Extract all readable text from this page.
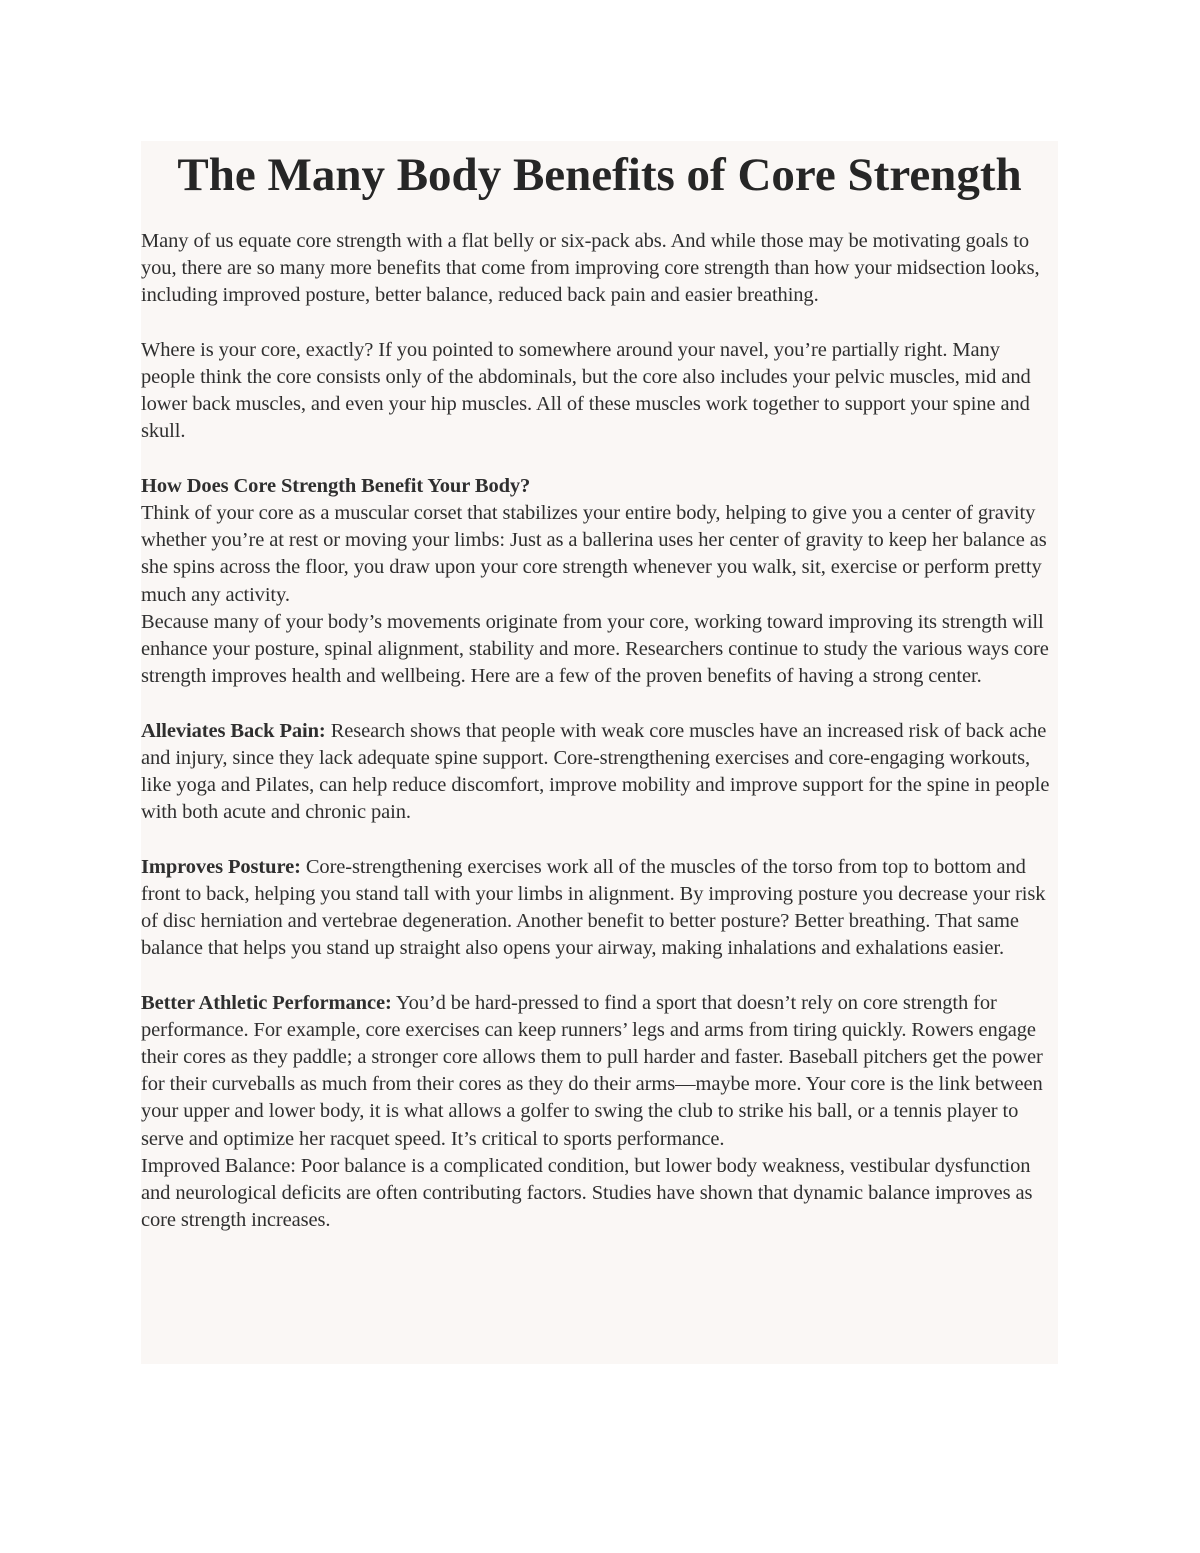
The Many Body Benefits of Core Strength

Many of us equate core strength with a flat belly or six-pack abs. And while those may be motivating goals to you, there are so many more benefits that come from improving core strength than how your midsection looks, including improved posture, better balance, reduced back pain and easier breathing.

Where is your core, exactly? If you pointed to somewhere around your navel, you’re partially right. Many people think the core consists only of the abdominals, but the core also includes your pelvic muscles, mid and lower back muscles, and even your hip muscles. All of these muscles work together to support your spine and skull.

How Does Core Strength Benefit Your Body?

Think of your core as a muscular corset that stabilizes your entire body, helping to give you a center of gravity whether you’re at rest or moving your limbs: Just as a ballerina uses her center of gravity to keep her balance as she spins across the floor, you draw upon your core strength whenever you walk, sit, exercise or perform pretty much any activity.

Because many of your body’s movements originate from your core, working toward improving its strength will enhance your posture, spinal alignment, stability and more. Researchers continue to study the various ways core strength improves health and wellbeing. Here are a few of the proven benefits of having a strong center.

Alleviates Back Pain: Research shows that people with weak core muscles have an increased risk of back ache and injury, since they lack adequate spine support. Core-strengthening exercises and core-engaging workouts, like yoga and Pilates, can help reduce discomfort, improve mobility and improve support for the spine in people with both acute and chronic pain.

Improves Posture: Core-strengthening exercises work all of the muscles of the torso from top to bottom and front to back, helping you stand tall with your limbs in alignment. By improving posture you decrease your risk of disc herniation and vertebrae degeneration. Another benefit to better posture? Better breathing. That same balance that helps you stand up straight also opens your airway, making inhalations and exhalations easier.

Better Athletic Performance: You’d be hard-pressed to find a sport that doesn’t rely on core strength for performance. For example, core exercises can keep runners’ legs and arms from tiring quickly. Rowers engage their cores as they paddle; a stronger core allows them to pull harder and faster. Baseball pitchers get the power for their curveballs as much from their cores as they do their arms—maybe more. Your core is the link between your upper and lower body, it is what allows a golfer to swing the club to strike his ball, or a tennis player to serve and optimize her racquet speed. It’s critical to sports performance.

Improved Balance: Poor balance is a complicated condition, but lower body weakness, vestibular dysfunction and neurological deficits are often contributing factors. Studies have shown that dynamic balance improves as core strength increases.
